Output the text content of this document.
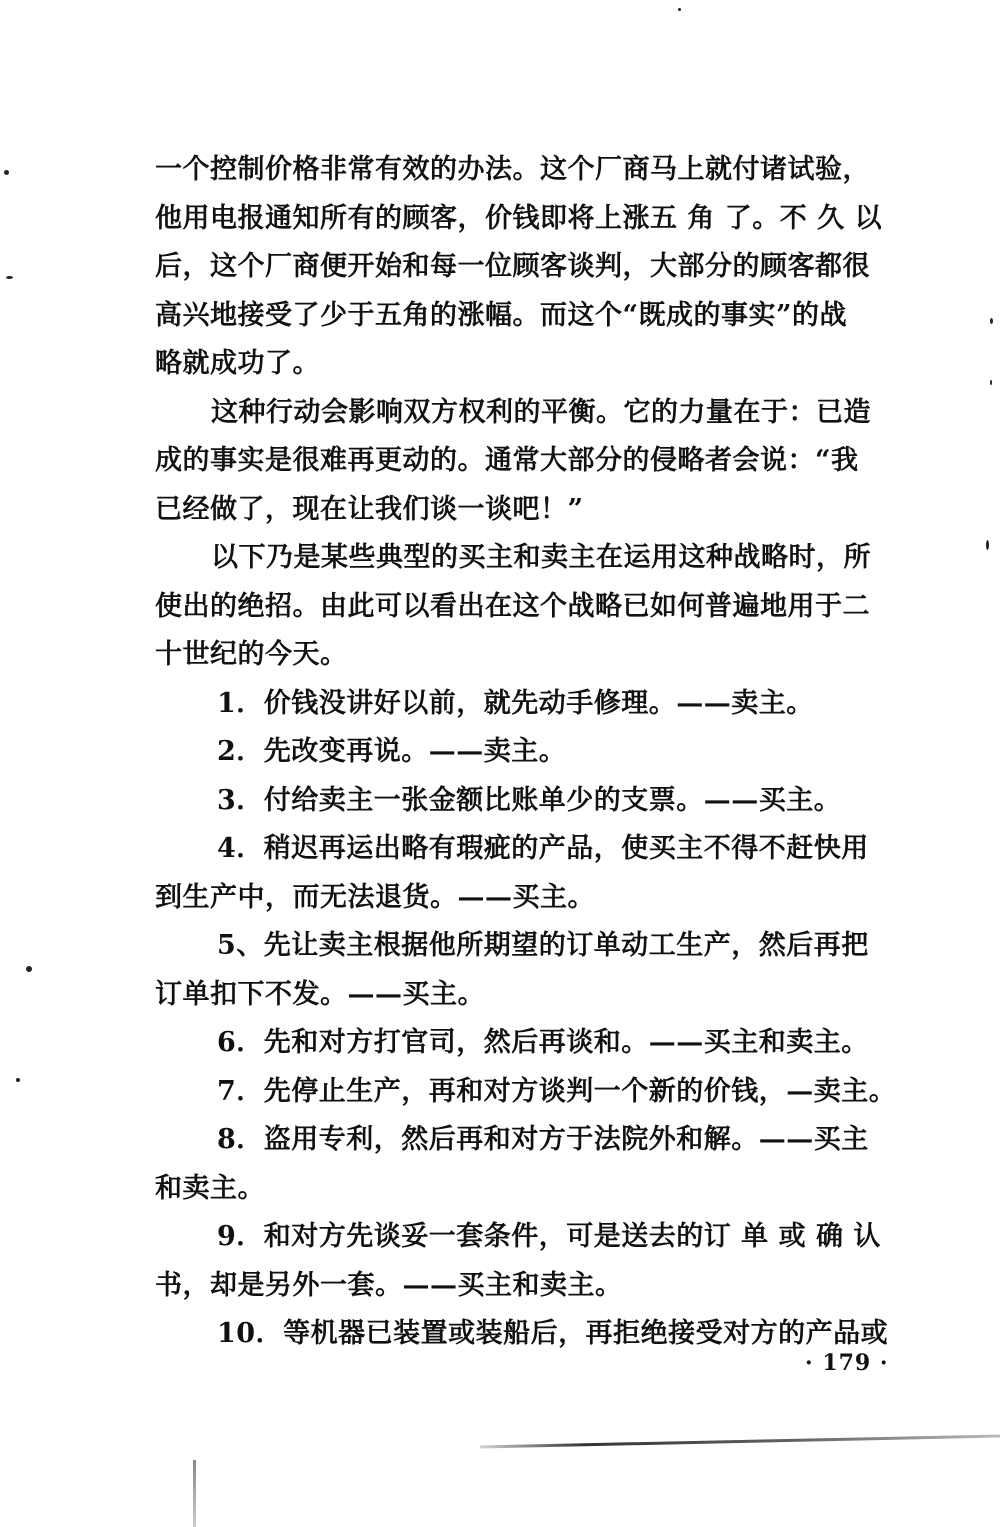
一个控制价格非常有效的办法。这个厂商马上就付诸试验，
他用电报通知所有的顾客，价钱即将上涨五 角 了。不 久 以
后，这个厂商便开始和每一位顾客谈判，大部分的顾客都很
高兴地接受了少于五角的涨幅。而这个“既成的事实”的战
略就成功了。
这种行动会影响双方权利的平衡。它的力量在于：已造
成的事实是很难再更动的。通常大部分的侵略者会说：“我
已经做了，现在让我们谈一谈吧！”
以下乃是某些典型的买主和卖主在运用这种战略时，所
使出的绝招。由此可以看出在这个战略已如何普遍地用于二
十世纪的今天。
1．价钱没讲好以前，就先动手修理。——卖主。
2．先改变再说。——卖主。
3．付给卖主一张金额比账单少的支票。——买主。
4．稍迟再运出略有瑕疵的产品，使买主不得不赶快用
到生产中，而无法退货。——买主。
5、先让卖主根据他所期望的订单动工生产，然后再把
订单扣下不发。——买主。
6．先和对方打官司，然后再谈和。——买主和卖主。
7．先停止生产，再和对方谈判一个新的价钱，—卖主。
8．盗用专利，然后再和对方于法院外和解。——买主
和卖主。
9．和对方先谈妥一套条件，可是送去的订 单 或 确 认
书，却是另外一套。——买主和卖主。
10．等机器已装置或装船后，再拒绝接受对方的产品或
· 179 ·
